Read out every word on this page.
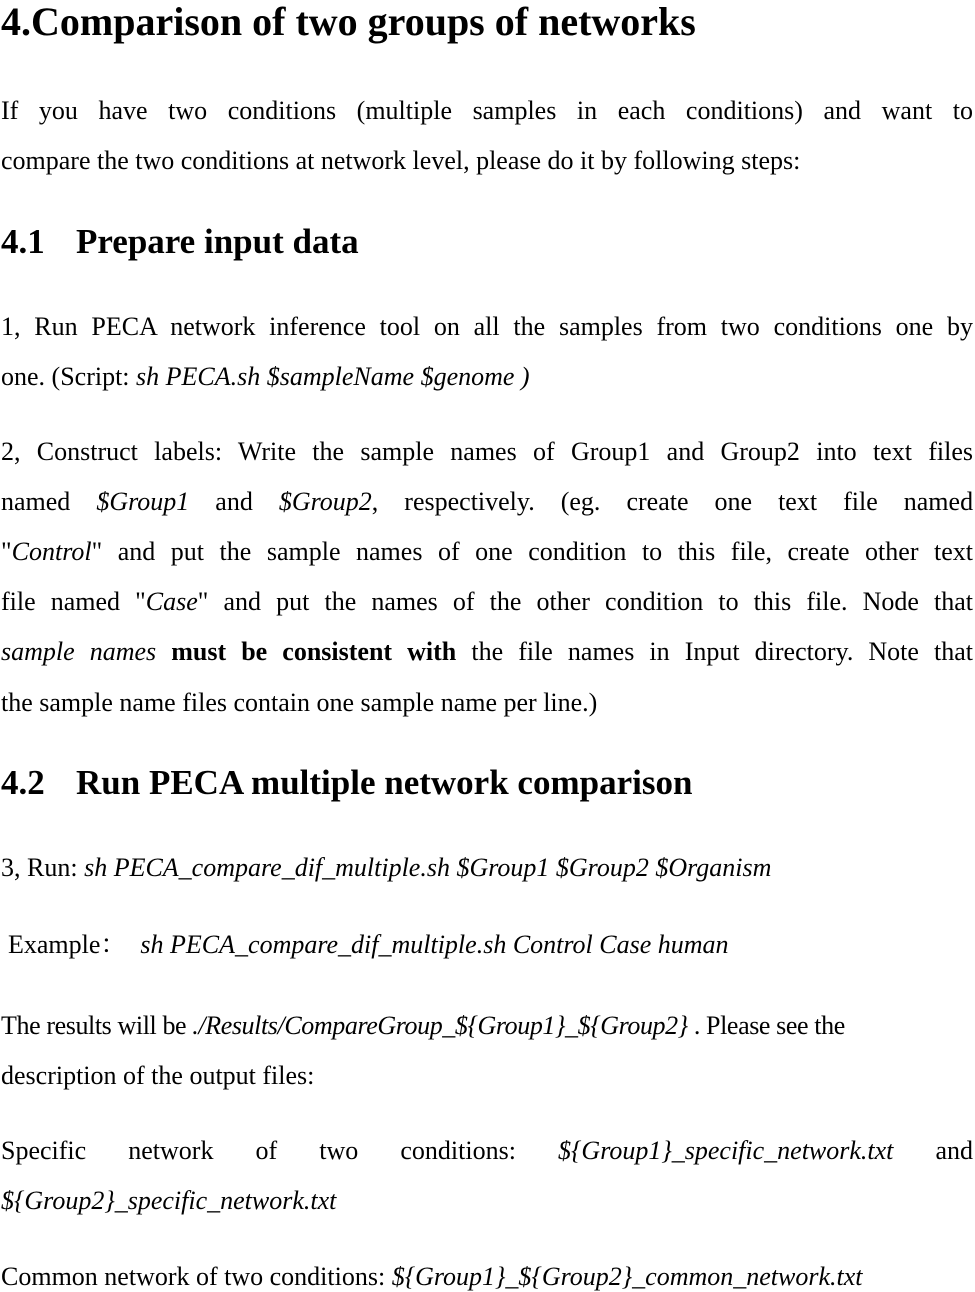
4.Comparison of two groups of networks
If you have two conditions (multiple samples in each conditions) and want to
compare the two conditions at network level, please do it by following steps:
4.1 Prepare input data
1, Run PECA network inference tool on all the samples from two conditions one by
one. (Script: sh PECA.sh $sampleName $genome )
2, Construct labels: Write the sample names of Group1 and Group2 into text files
named $Group1 and $Group2, respectively. (eg. create one text file named
"Control" and put the sample names of one condition to this file, create other text
file named "Case" and put the names of the other condition to this file. Node that
sample names must be consistent with the file names in Input directory. Note that
the sample name files contain one sample name per line.)
4.2 Run PECA multiple network comparison
3, Run: sh PECA_compare_dif_multiple.sh $Group1 $Group2 $Organism
Example： sh PECA_compare_dif_multiple.sh Control Case human
The results will be ./Results/CompareGroup_${Group1}_${Group2} . Please see the
description of the output files:
Specific network of two conditions: ${Group1}_specific_network.txt and
${Group2}_specific_network.txt
Common network of two conditions: ${Group1}_${Group2}_common_network.txt
